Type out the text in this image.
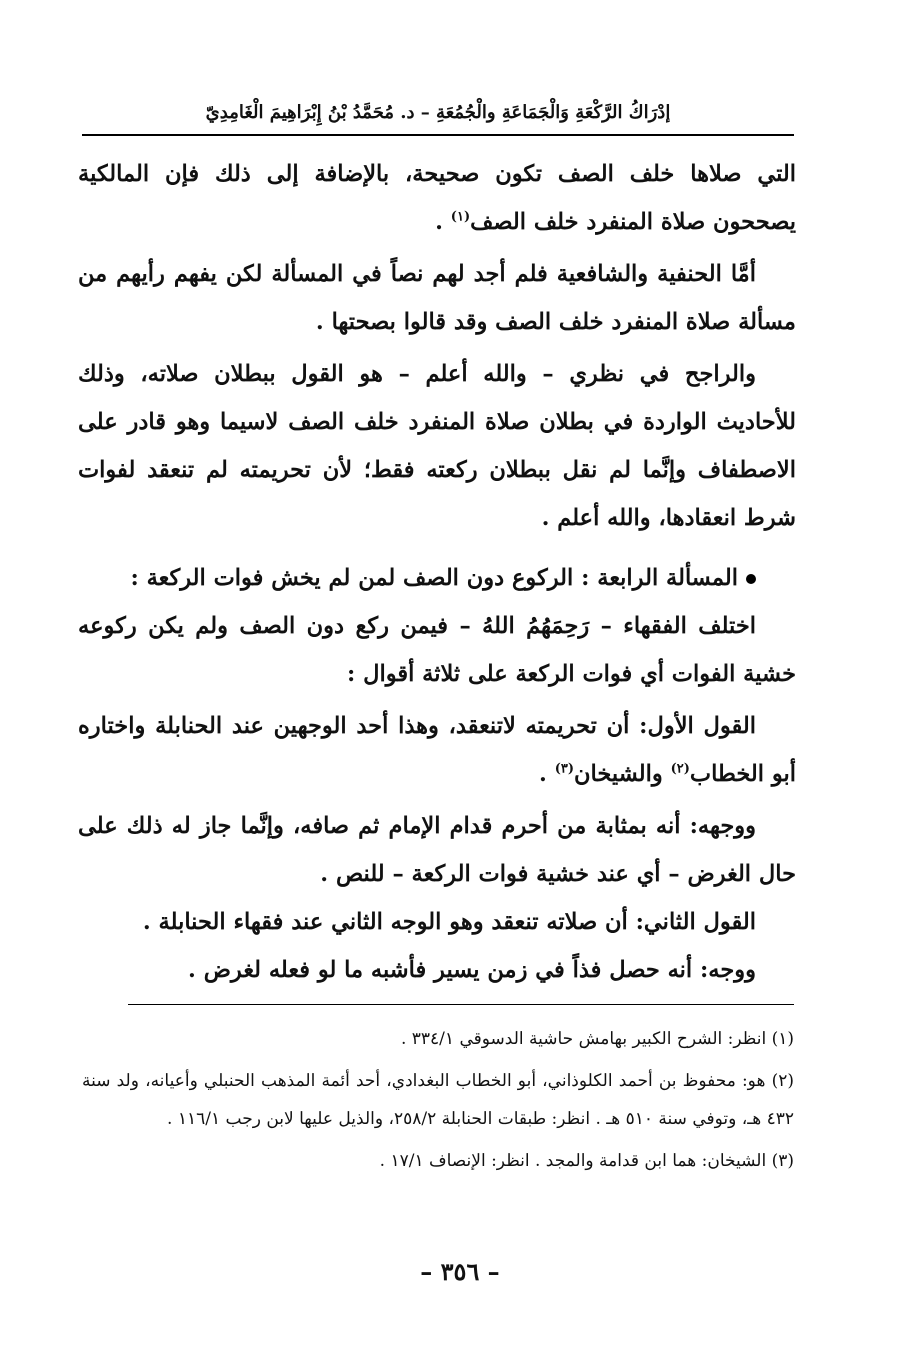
إدْرَاكُ الرَّكْعَةِ وَالْجَمَاعَةِ والْجُمُعَةِ – د. مُحَمَّدُ بْنُ إِبْرَاهِيمَ الْغَامِدِيّ

التي صلاها خلف الصف تكون صحيحة، بالإضافة إلى ذلك فإن المالكية يصححون صلاة المنفرد خلف الصف$^{(١)}$ .

أمَّا الحنفية والشافعية فلم أجد لهم نصاً في المسألة لكن يفهم رأيهم من مسألة صلاة المنفرد خلف الصف وقد قالوا بصحتها .

والراجح في نظري – والله أعلم – هو القول ببطلان صلاته، وذلك للأحاديث الواردة في بطلان صلاة المنفرد خلف الصف لاسيما وهو قادر على الاصطفاف وإنَّما لم نقل ببطلان ركعته فقط؛ لأن تحريمته لم تنعقد لفوات شرط انعقادها، والله أعلم .

المسألة الرابعة : الركوع دون الصف لمن لم يخش فوات الركعة :

اختلف الفقهاء – رَحِمَهُمُ اللهُ – فيمن ركع دون الصف ولم يكن ركوعه خشية الفوات أي فوات الركعة على ثلاثة أقوال :

القول الأول: أن تحريمته لاتنعقد، وهذا أحد الوجهين عند الحنابلة واختاره أبو الخطاب$^{(٢)}$ والشيخان$^{(٣)}$ .

ووجهه: أنه بمثابة من أحرم قدام الإمام ثم صافه، وإنَّما جاز له ذلك على حال الغرض – أي عند خشية فوات الركعة – للنص .

القول الثاني: أن صلاته تنعقد وهو الوجه الثاني عند فقهاء الحنابلة .

ووجه: أنه حصل فذاً في زمن يسير فأشبه ما لو فعله لغرض .

(١) انظر: الشرح الكبير بهامش حاشية الدسوقي ٣٣٤/١ .

(٢) هو: محفوظ بن أحمد الكلوذاني، أبو الخطاب البغدادي، أحد أئمة المذهب الحنبلي وأعيانه، ولد سنة ٤٣٢ هـ، وتوفي سنة ٥١٠ هـ . انظر: طبقات الحنابلة ٢٥٨/٢، والذيل عليها لابن رجب ١١٦/١ .

(٣) الشيخان: هما ابن قدامة والمجد . انظر: الإنصاف ١٧/١ .

– ٣٥٦ –
